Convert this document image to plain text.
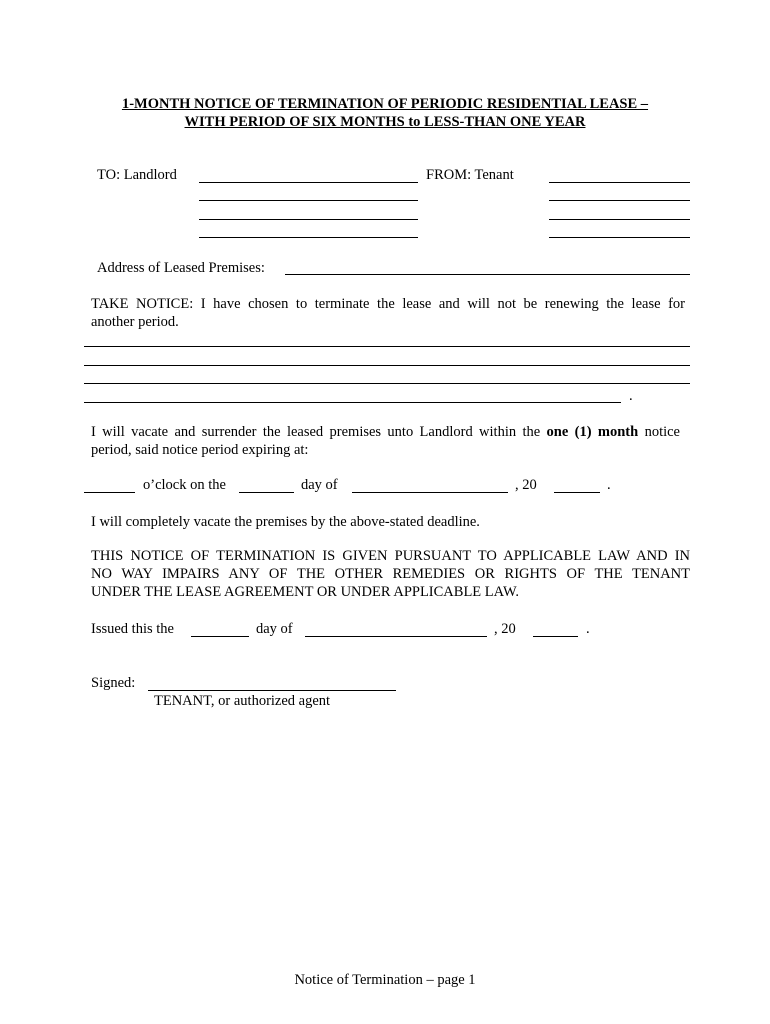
1-MONTH NOTICE OF TERMINATION OF PERIODIC RESIDENTIAL LEASE –
WITH PERIOD OF SIX MONTHS to LESS-THAN ONE YEAR
TO: Landlord	FROM: Tenant
Address of Leased Premises:
TAKE NOTICE: I have chosen to terminate the lease and will not be renewing the lease for
another period.
.
I will vacate and surrender the leased premises unto Landlord within the one (1) month notice
period, said notice period expiring at:
o’clock on the	day of	, 20	.
I will completely vacate the premises by the above-stated deadline.
THIS NOTICE OF TERMINATION IS GIVEN PURSUANT TO APPLICABLE LAW AND IN
NO WAY IMPAIRS ANY OF THE OTHER REMEDIES OR RIGHTS OF THE TENANT
UNDER THE LEASE AGREEMENT OR UNDER APPLICABLE LAW.
Issued this the	day of	, 20	.
Signed:
TENANT, or authorized agent
Notice of Termination – page 1
